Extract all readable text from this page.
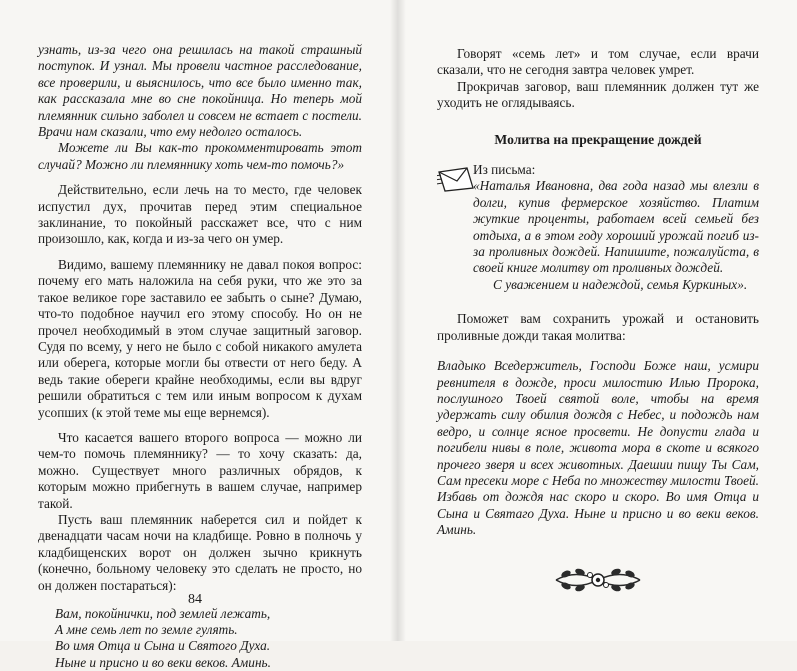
узнать, из-за чего она решилась на такой страшный поступок. И узнал. Мы провели частное расследование, все проверили, и выяснилось, что все было именно так, как рассказала мне во сне покойница. Но теперь мой племянник сильно заболел и совсем не встает с постели. Врачи нам сказали, что ему недолго осталось.

Можете ли Вы как-то прокомментировать этот случай? Можно ли племяннику хоть чем-то помочь?»

Действительно, если лечь на то место, где человек испустил дух, прочитав перед этим специальное заклинание, то покойный расскажет все, что с ним произошло, как, когда и из-за чего он умер.

Видимо, вашему племяннику не давал покоя вопрос: почему его мать наложила на себя руки, что же это за такое великое горе заставило ее забыть о сыне? Думаю, что-то подобное научил его этому способу. Но он не прочел необходимый в этом случае защитный заговор. Судя по всему, у него не было с собой никакого амулета или оберега, которые могли бы отвести от него беду. А ведь такие обереги крайне необходимы, если вы вдруг решили обратиться с тем или иным вопросом к духам усопших (к этой теме мы еще вернемся).

Что касается вашего второго вопроса — можно ли чем-то помочь племяннику? — то хочу сказать: да, можно. Существует много различных обрядов, к которым можно прибегнуть в вашем случае, например такой.

Пусть ваш племянник наберется сил и пойдет к двенадцати часам ночи на кладбище. Ровно в полночь у кладбищенских ворот он должен зычно крикнуть (конечно, больному человеку это сделать не просто, но он должен постараться):

Вам, покойнички, под землей лежать,
А мне семь лет по земле гулять.
Во имя Отца и Сына и Святого Духа.
Ныне и присно и во веки веков. Аминь.
84

Говорят «семь лет» и том случае, если врачи сказали, что не сегодня завтра человек умрет.

Прокричав заговор, ваш племянник должен тут же уходить не оглядываясь.

Молитва на прекращение дождей

Из письма:

«Наталья Ивановна, два года назад мы влезли в долги, купив фермерское хозяйство. Платим жуткие проценты, работаем всей семьей без отдыха, а в этом году хороший урожай погиб из-за проливных дождей. Напишите, пожалуйста, в своей книге молитву от проливных дождей.

С уважением и надеждой, семья Куркиных».

Поможет вам сохранить урожай и остановить проливные дожди такая молитва:

Владыко Вседержитель, Господи Боже наш, усмири ревнителя в дожде, проси милостию Илью Пророка, послушного Твоей святой воле, чтобы на время удержать силу обилия дождя с Небес, и подождь нам ведро, и солнце ясное просвети. Не допусти глада и погибели нивы в поле, живота мора в скоте и всякого прочего зверя и всех животных. Даешии пищу Ты Сам, Сам пресеки море с Неба по множеству милости Твоей. Избавь от дождя нас скоро и скоро. Во имя Отца и Сына и Святаго Духа. Ныне и присно и во веки веков. Аминь.
